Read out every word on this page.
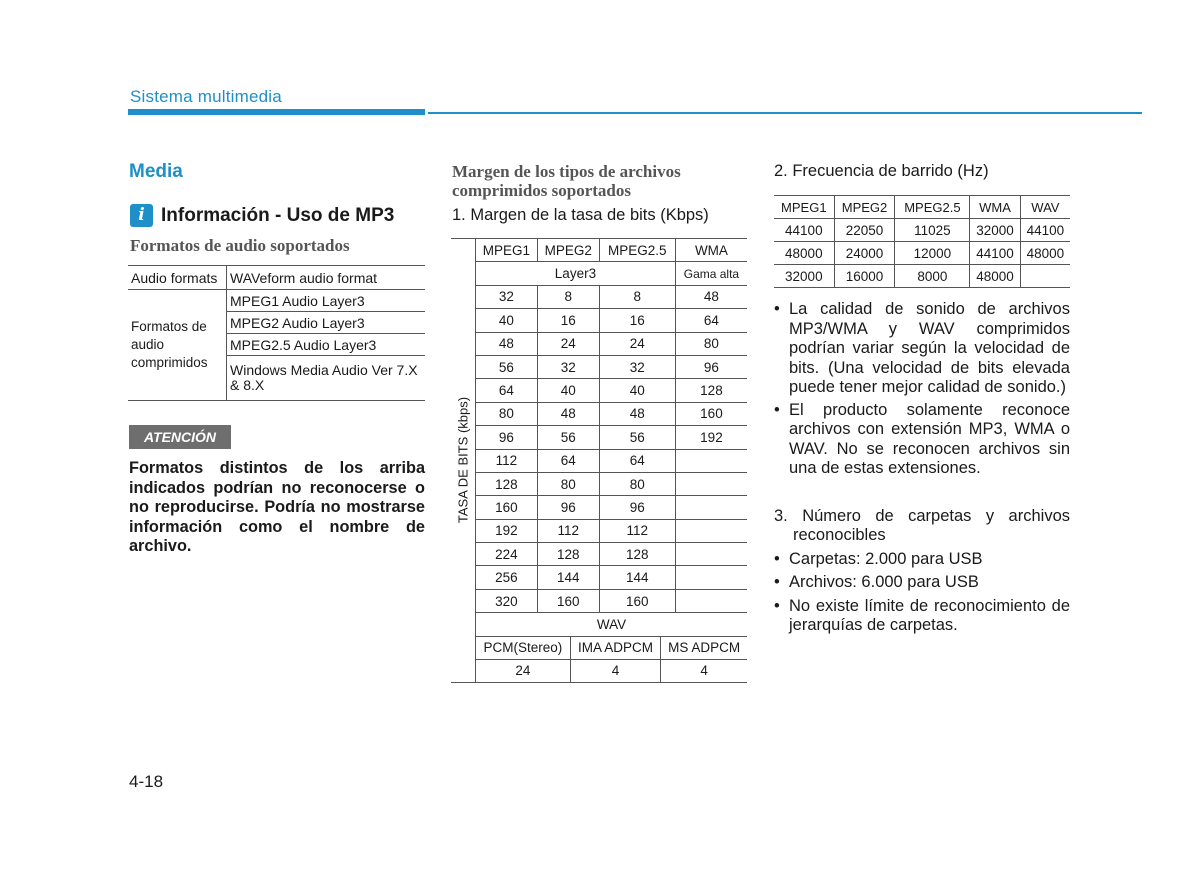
Sistema multimedia
Media
i Información - Uso de MP3
Formatos de audio soportados
Audio formats	WAVeform audio format
Formatos de audio comprimidos	MPEG1 Audio Layer3
	MPEG2 Audio Layer3
	MPEG2.5 Audio Layer3
	Windows Media Audio Ver 7.X & 8.X
ATENCIÓN
Formatos distintos de los arriba indicados podrían no reconocerse o no reproducirse. Podría no mostrarse información como el nombre de archivo.
Margen de los tipos de archivos comprimidos soportados
1. Margen de la tasa de bits (Kbps)
TASA DE BITS (kbps)
	MPEG1	MPEG2	MPEG2.5	WMA
Layer3	Gama alta
32	8	8	48
40	16	16	64
48	24	24	80
56	32	32	96
64	40	40	128
80	48	48	160
96	56	56	192
112	64	64	
128	80	80	
160	96	96	
192	112	112	
224	128	128	
256	144	144	
320	160	160	
WAV

PCM(Stereo)	IMA ADPCM	MS ADPCM
24	4	4
2. Frecuencia de barrido (Hz)
MPEG1	MPEG2	MPEG2.5	WMA	WAV
44100	22050	11025	32000	44100
48000	24000	12000	44100	48000
32000	16000	8000	48000	
• La calidad de sonido de archivos MP3/WMA y WAV comprimidos podrían variar según la velocidad de bits. (Una velocidad de bits elevada puede tener mejor calidad de sonido.)
• El producto solamente reconoce archivos con extensión MP3, WMA o WAV. No se reconocen archivos sin una de estas extensiones.
3. Número de carpetas y archivos reconocibles
• Carpetas: 2.000 para USB
• Archivos: 6.000 para USB
• No existe límite de reconocimiento de jerarquías de carpetas.
4-18
